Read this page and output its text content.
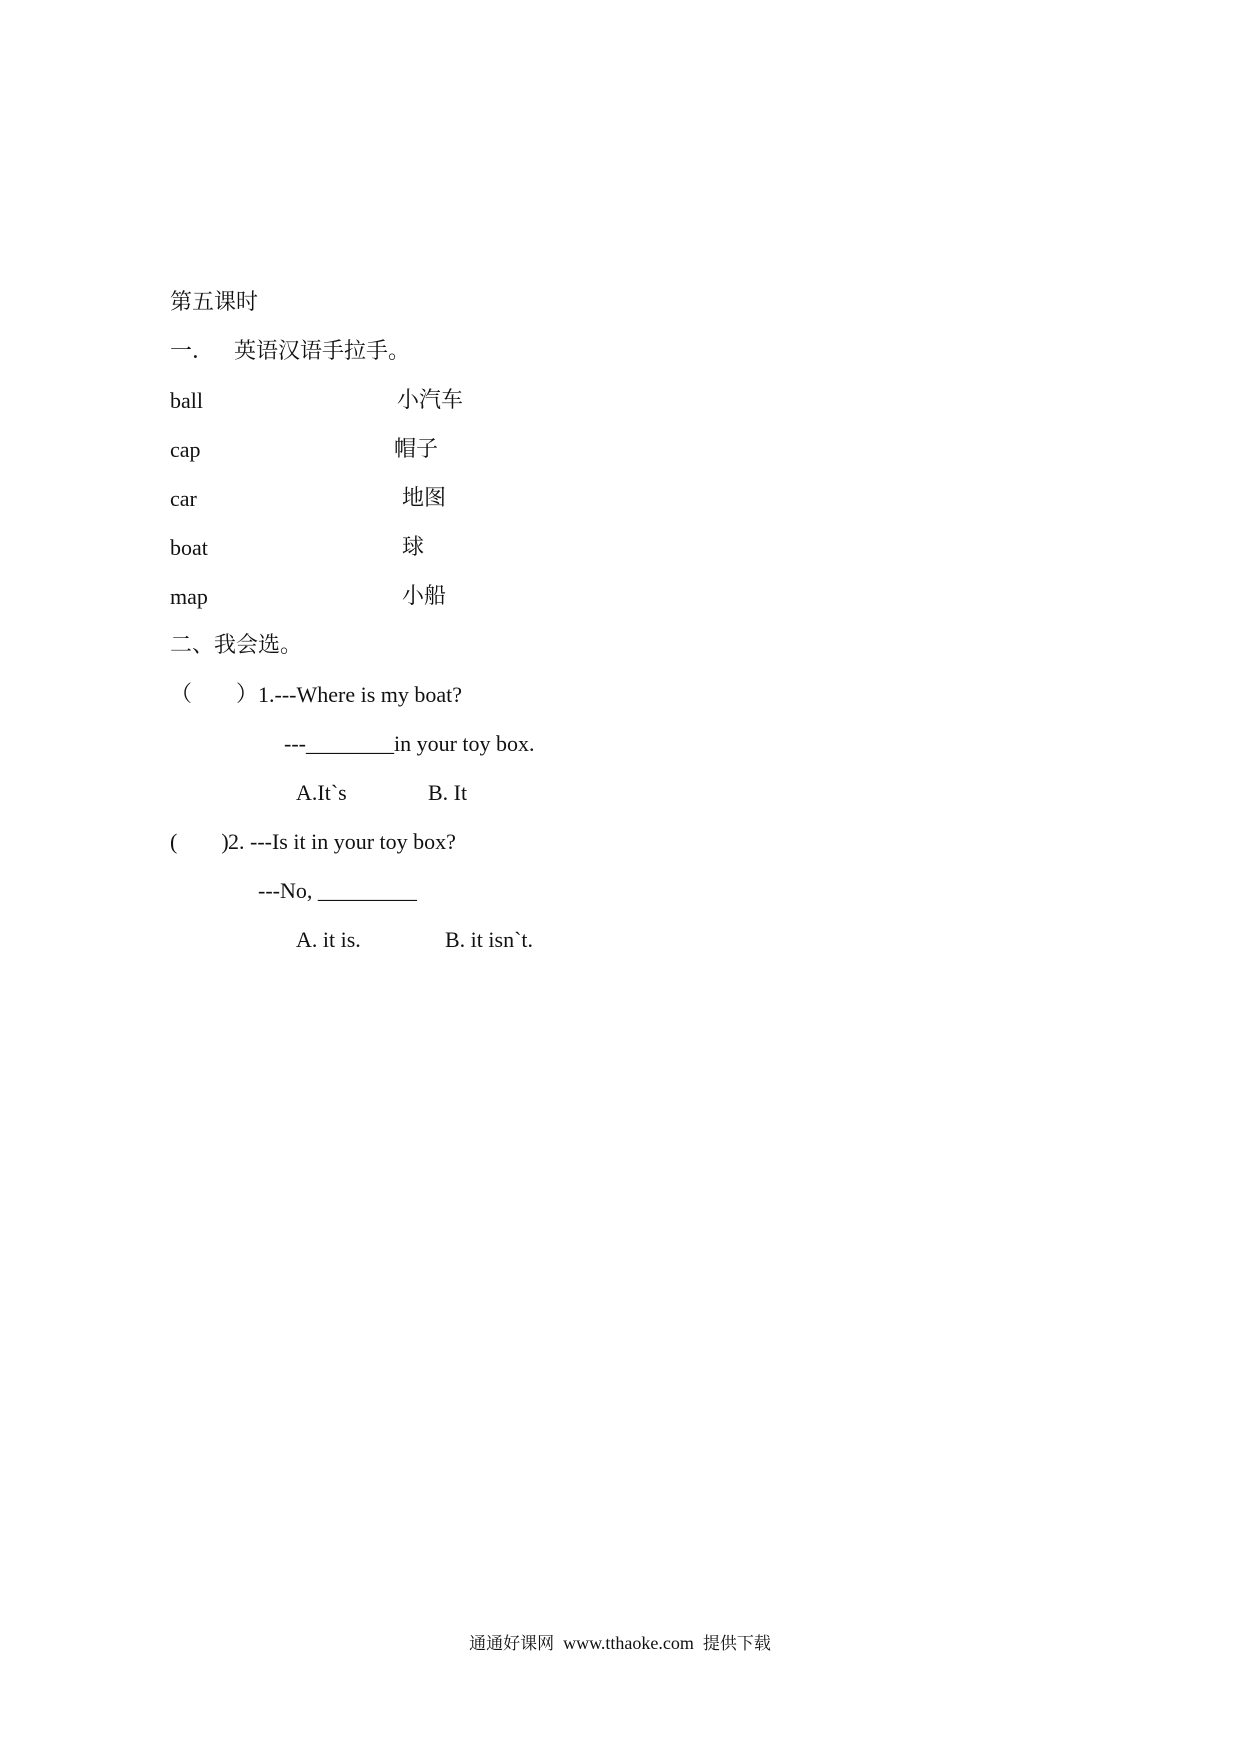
第五课时
一． 英语汉语手拉手。
ball	小汽车
cap	帽子
car	地图
boat	球
map	小船
二、我会选。
（　　） 1.---Where is my boat?
---________in your toy box.
A.It`s	B. It
(　　) 2. ---Is it in your toy box?
---No, _________
A. it is.	B. it isn`t.
通通好课网 www.tthaoke.com 提供下载
